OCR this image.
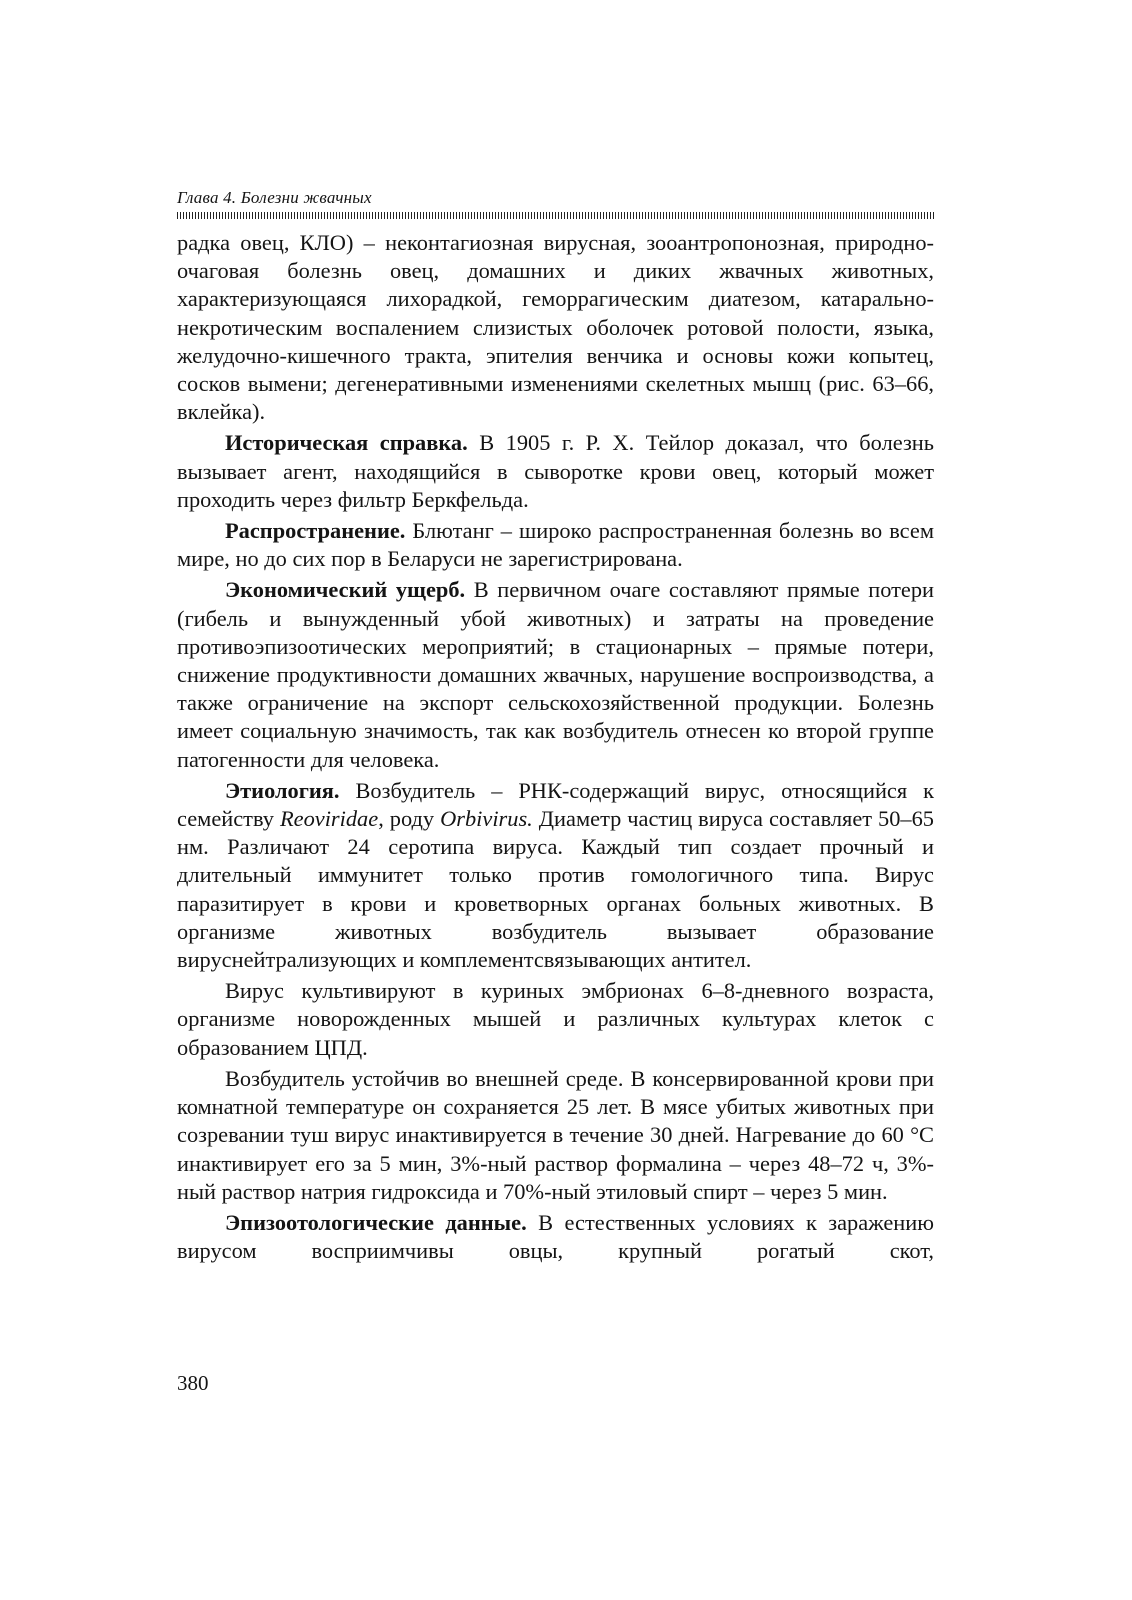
Глава 4. Болезни жвачных

радка овец, КЛО) – неконтагиозная вирусная, зооантропонозная, природно-очаговая болезнь овец, домашних и диких жвачных животных, характеризующаяся лихорадкой, геморрагическим диатезом, катарально-некротическим воспалением слизистых оболочек ротовой полости, языка, желудочно-кишечного тракта, эпителия венчика и основы кожи копытец, сосков вымени; дегенеративными изменениями скелетных мышц (рис. 63–66, вклейка).

Историческая справка. В 1905 г. Р. Х. Тейлор доказал, что болезнь вызывает агент, находящийся в сыворотке крови овец, который может проходить через фильтр Беркфельда.

Распространение. Блютанг – широко распространенная болезнь во всем мире, но до сих пор в Беларуси не зарегистрирована.

Экономический ущерб. В первичном очаге составляют прямые потери (гибель и вынужденный убой животных) и затраты на проведение противоэпизоотических мероприятий; в стационарных – прямые потери, снижение продуктивности домашних жвачных, нарушение воспроизводства, а также ограничение на экспорт сельскохозяйственной продукции. Болезнь имеет социальную значимость, так как возбудитель отнесен ко второй группе патогенности для человека.

Этиология. Возбудитель – РНК-содержащий вирус, относящийся к семейству Reoviridae, роду Orbivirus. Диаметр частиц вируса составляет 50–65 нм. Различают 24 серотипа вируса. Каждый тип создает прочный и длительный иммунитет только против гомологичного типа. Вирус паразитирует в крови и кроветворных органах больных животных. В организме животных возбудитель вызывает образование вируснейтрализующих и комплементсвязывающих антител.

Вирус культивируют в куриных эмбрионах 6–8-дневного возраста, организме новорожденных мышей и различных культурах клеток с образованием ЦПД.

Возбудитель устойчив во внешней среде. В консервированной крови при комнатной температуре он сохраняется 25 лет. В мясе убитых животных при созревании туш вирус инактивируется в течение 30 дней. Нагревание до 60 °С инактивирует его за 5 мин, 3%-ный раствор формалина – через 48–72 ч, 3%-ный раствор натрия гидроксида и 70%-ный этиловый спирт – через 5 мин.

Эпизоотологические данные. В естественных условиях к заражению вирусом восприимчивы овцы, крупный рогатый скот,

380
